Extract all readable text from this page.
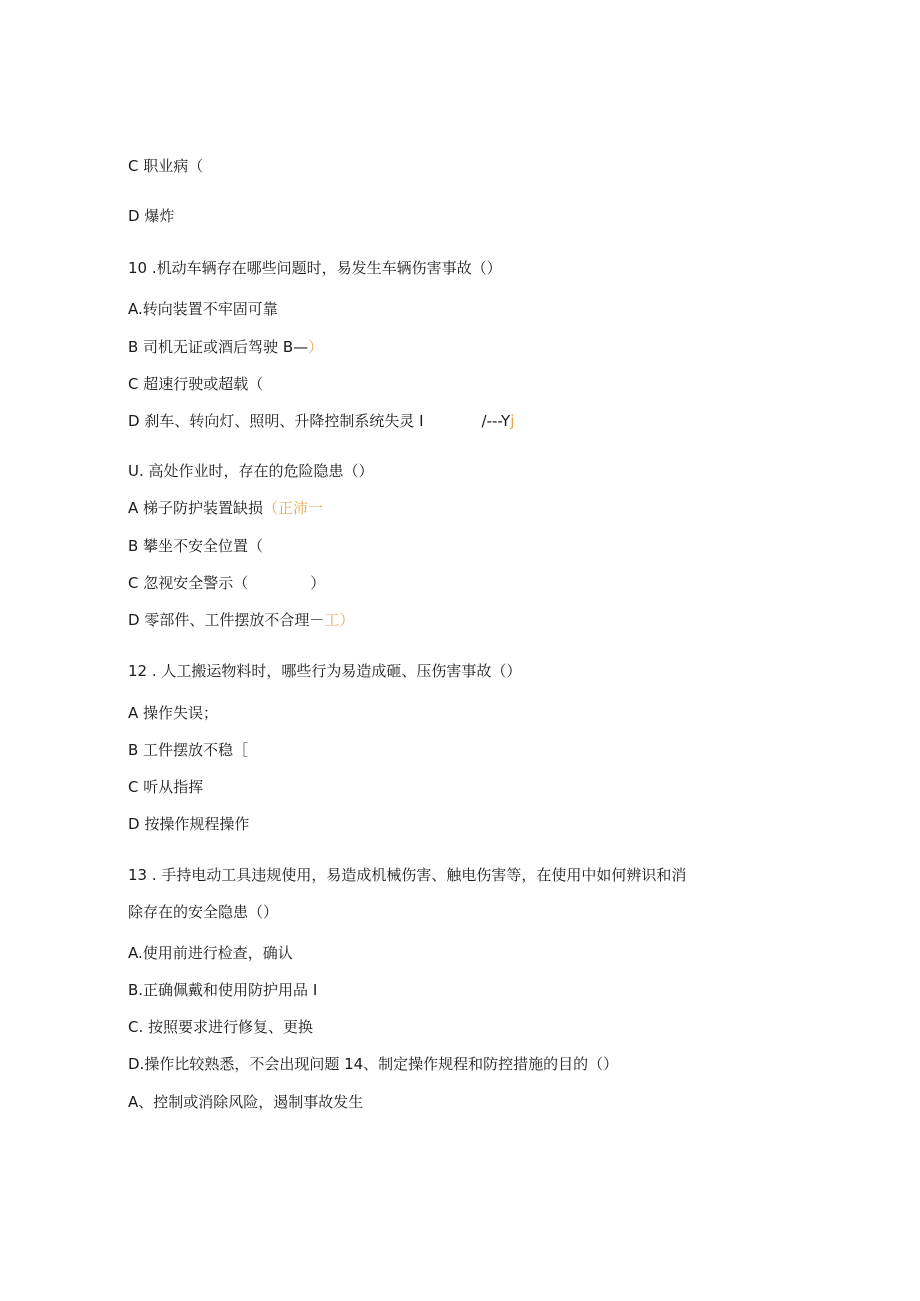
C 职业病（
D 爆炸
10 .机动车辆存在哪些问题时，易发生车辆伤害事故（）
A.转向装置不牢固可靠
B 司机无证或酒后驾驶 B—）
C 超速行驶或超载（
D 刹车、转向灯、照明、升降控制系统失灵 I	/---Yj
U. 高处作业时，存在的危险隐患（）
A 梯子防护装置缺损（正沛一
B 攀坐不安全位置（
C 忽视安全警示（	）
D 零部件、工件摆放不合理－工）
12 . 人工搬运物料时，哪些行为易造成砸、压伤害事故（）
A 操作失误；
B 工件摆放不稳［
C 听从指挥
D 按操作规程操作
13 . 手持电动工具违规使用，易造成机械伤害、触电伤害等，在使用中如何辨识和消
除存在的安全隐患（）
A.使用前进行检查，确认
B.正确佩戴和使用防护用品 I
C. 按照要求进行修复、更换
D.操作比较熟悉，不会出现问题 14、制定操作规程和防控措施的目的（）
A、控制或消除风险，遏制事故发生
